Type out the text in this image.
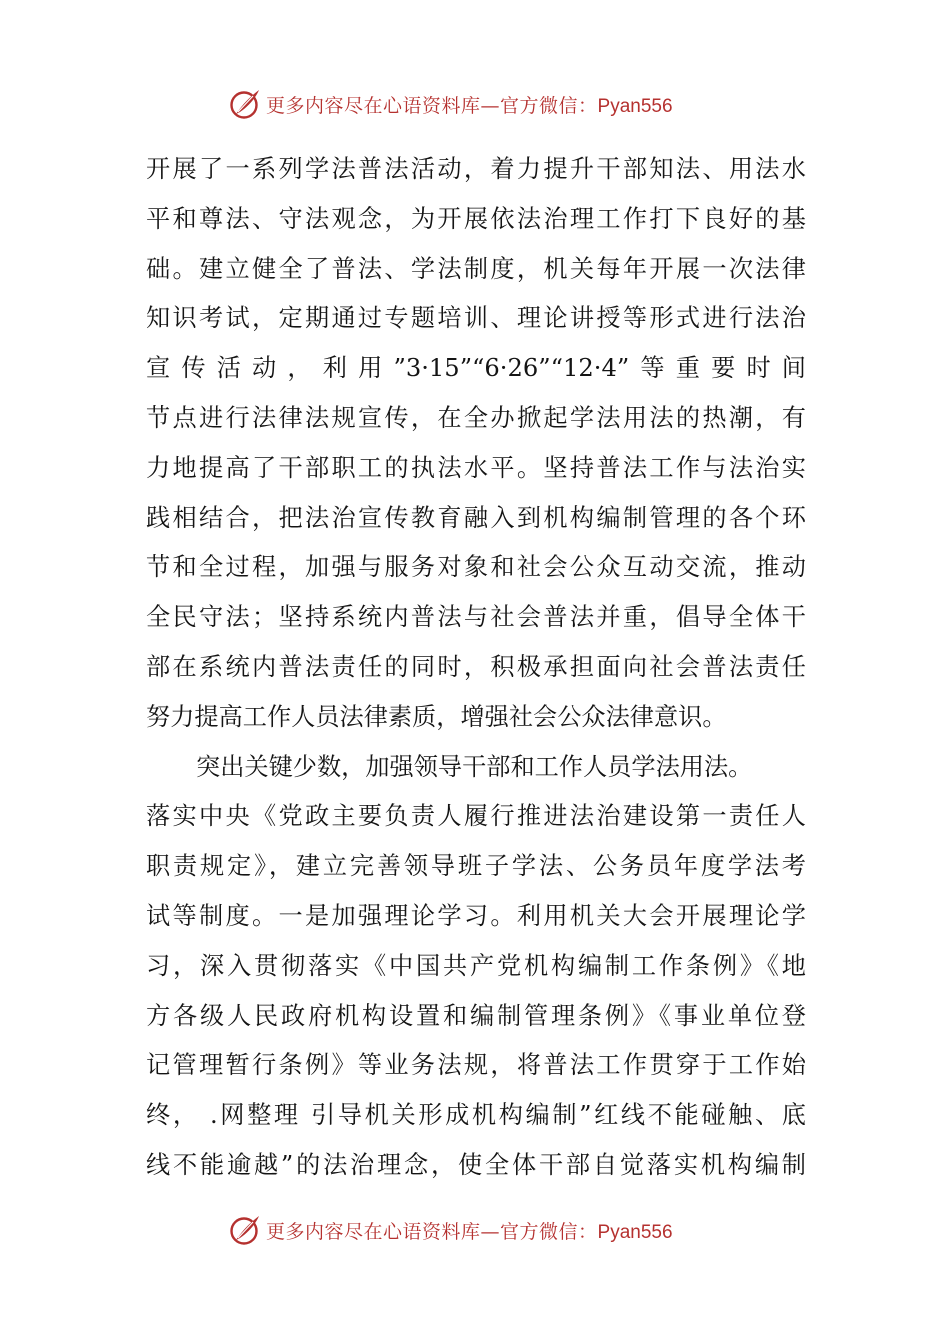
更多内容尽在心语资料库—官方微信：Pyan556
开展了一系列学法普法活动，着力提升干部知法、用法水
平和尊法、守法观念，为开展依法治理工作打下良好的基
础。建立健全了普法、学法制度，机关每年开展一次法律
知识考试，定期通过专题培训、理论讲授等形式进行法治
宣传活动，利用”3·15”“6·26”“12·4”等重要时间
节点进行法律法规宣传，在全办掀起学法用法的热潮，有
力地提高了干部职工的执法水平。坚持普法工作与法治实
践相结合，把法治宣传教育融入到机构编制管理的各个环
节和全过程，加强与服务对象和社会公众互动交流，推动
全民守法；坚持系统内普法与社会普法并重，倡导全体干
部在系统内普法责任的同时，积极承担面向社会普法责任
努力提高工作人员法律素质，增强社会公众法律意识。
突出关键少数，加强领导干部和工作人员学法用法。
落实中央《党政主要负责人履行推进法治建设第一责任人
职责规定》，建立完善领导班子学法、公务员年度学法考
试等制度。一是加强理论学习。利用机关大会开展理论学
习，深入贯彻落实《中国共产党机构编制工作条例》《地
方各级人民政府机构设置和编制管理条例》《事业单位登
记管理暂行条例》等业务法规，将普法工作贯穿于工作始
终， .网整理 引导机关形成机构编制”红线不能碰触、底
线不能逾越”的法治理念，使全体干部自觉落实机构编制
更多内容尽在心语资料库—官方微信：Pyan556
